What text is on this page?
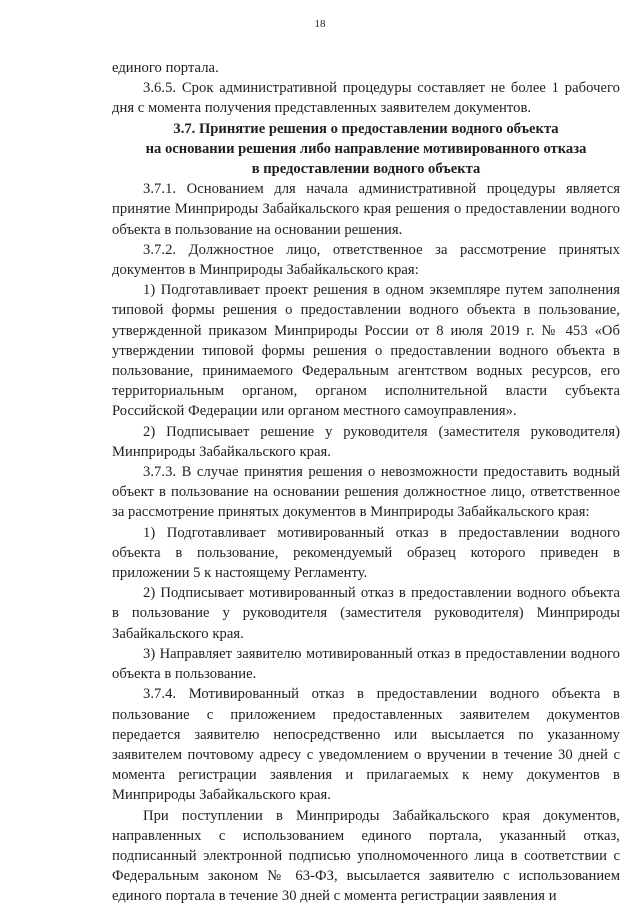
18

единого портала.

3.6.5. Срок административной процедуры составляет не более 1 рабочего дня с момента получения представленных заявителем документов.

3.7. Принятие решения о предоставлении водного объекта
на основании решения либо направление мотивированного отказа
в предоставлении водного объекта

3.7.1. Основанием для начала административной процедуры является принятие Минприроды Забайкальского края решения о предоставлении водного объекта в пользование на основании решения.

3.7.2. Должностное лицо, ответственное за рассмотрение принятых документов в Минприроды Забайкальского края:

1) Подготавливает проект решения в одном экземпляре путем заполнения типовой формы решения о предоставлении водного объекта в пользование, утвержденной приказом Минприроды России от 8 июля 2019 г. № 453 «Об утверждении типовой формы решения о предоставлении водного объекта в пользование, принимаемого Федеральным агентством водных ресурсов, его территориальным органом, органом исполнительной власти субъекта Российской Федерации или органом местного самоуправления».

2) Подписывает решение у руководителя (заместителя руководителя) Минприроды Забайкальского края.

3.7.3. В случае принятия решения о невозможности предоставить водный объект в пользование на основании решения должностное лицо, ответственное за рассмотрение принятых документов в Минприроды Забайкальского края:

1) Подготавливает мотивированный отказ в предоставлении водного объекта в пользование, рекомендуемый образец которого приведен в приложении 5 к настоящему Регламенту.

2) Подписывает мотивированный отказ в предоставлении водного объекта в пользование у руководителя (заместителя руководителя) Минприроды Забайкальского края.

3) Направляет заявителю мотивированный отказ в предоставлении водного объекта в пользование.

3.7.4. Мотивированный отказ в предоставлении водного объекта в пользование с приложением предоставленных заявителем документов передается заявителю непосредственно или высылается по указанному заявителем почтовому адресу с уведомлением о вручении в течение 30 дней с момента регистрации заявления и прилагаемых к нему документов в Минприроды Забайкальского края.

При поступлении в Минприроды Забайкальского края документов, направленных с использованием единого портала, указанный отказ, подписанный электронной подписью уполномоченного лица в соответствии с Федеральным законом № 63-ФЗ, высылается заявителю с использованием единого портала в течение 30 дней с момента регистрации заявления и
